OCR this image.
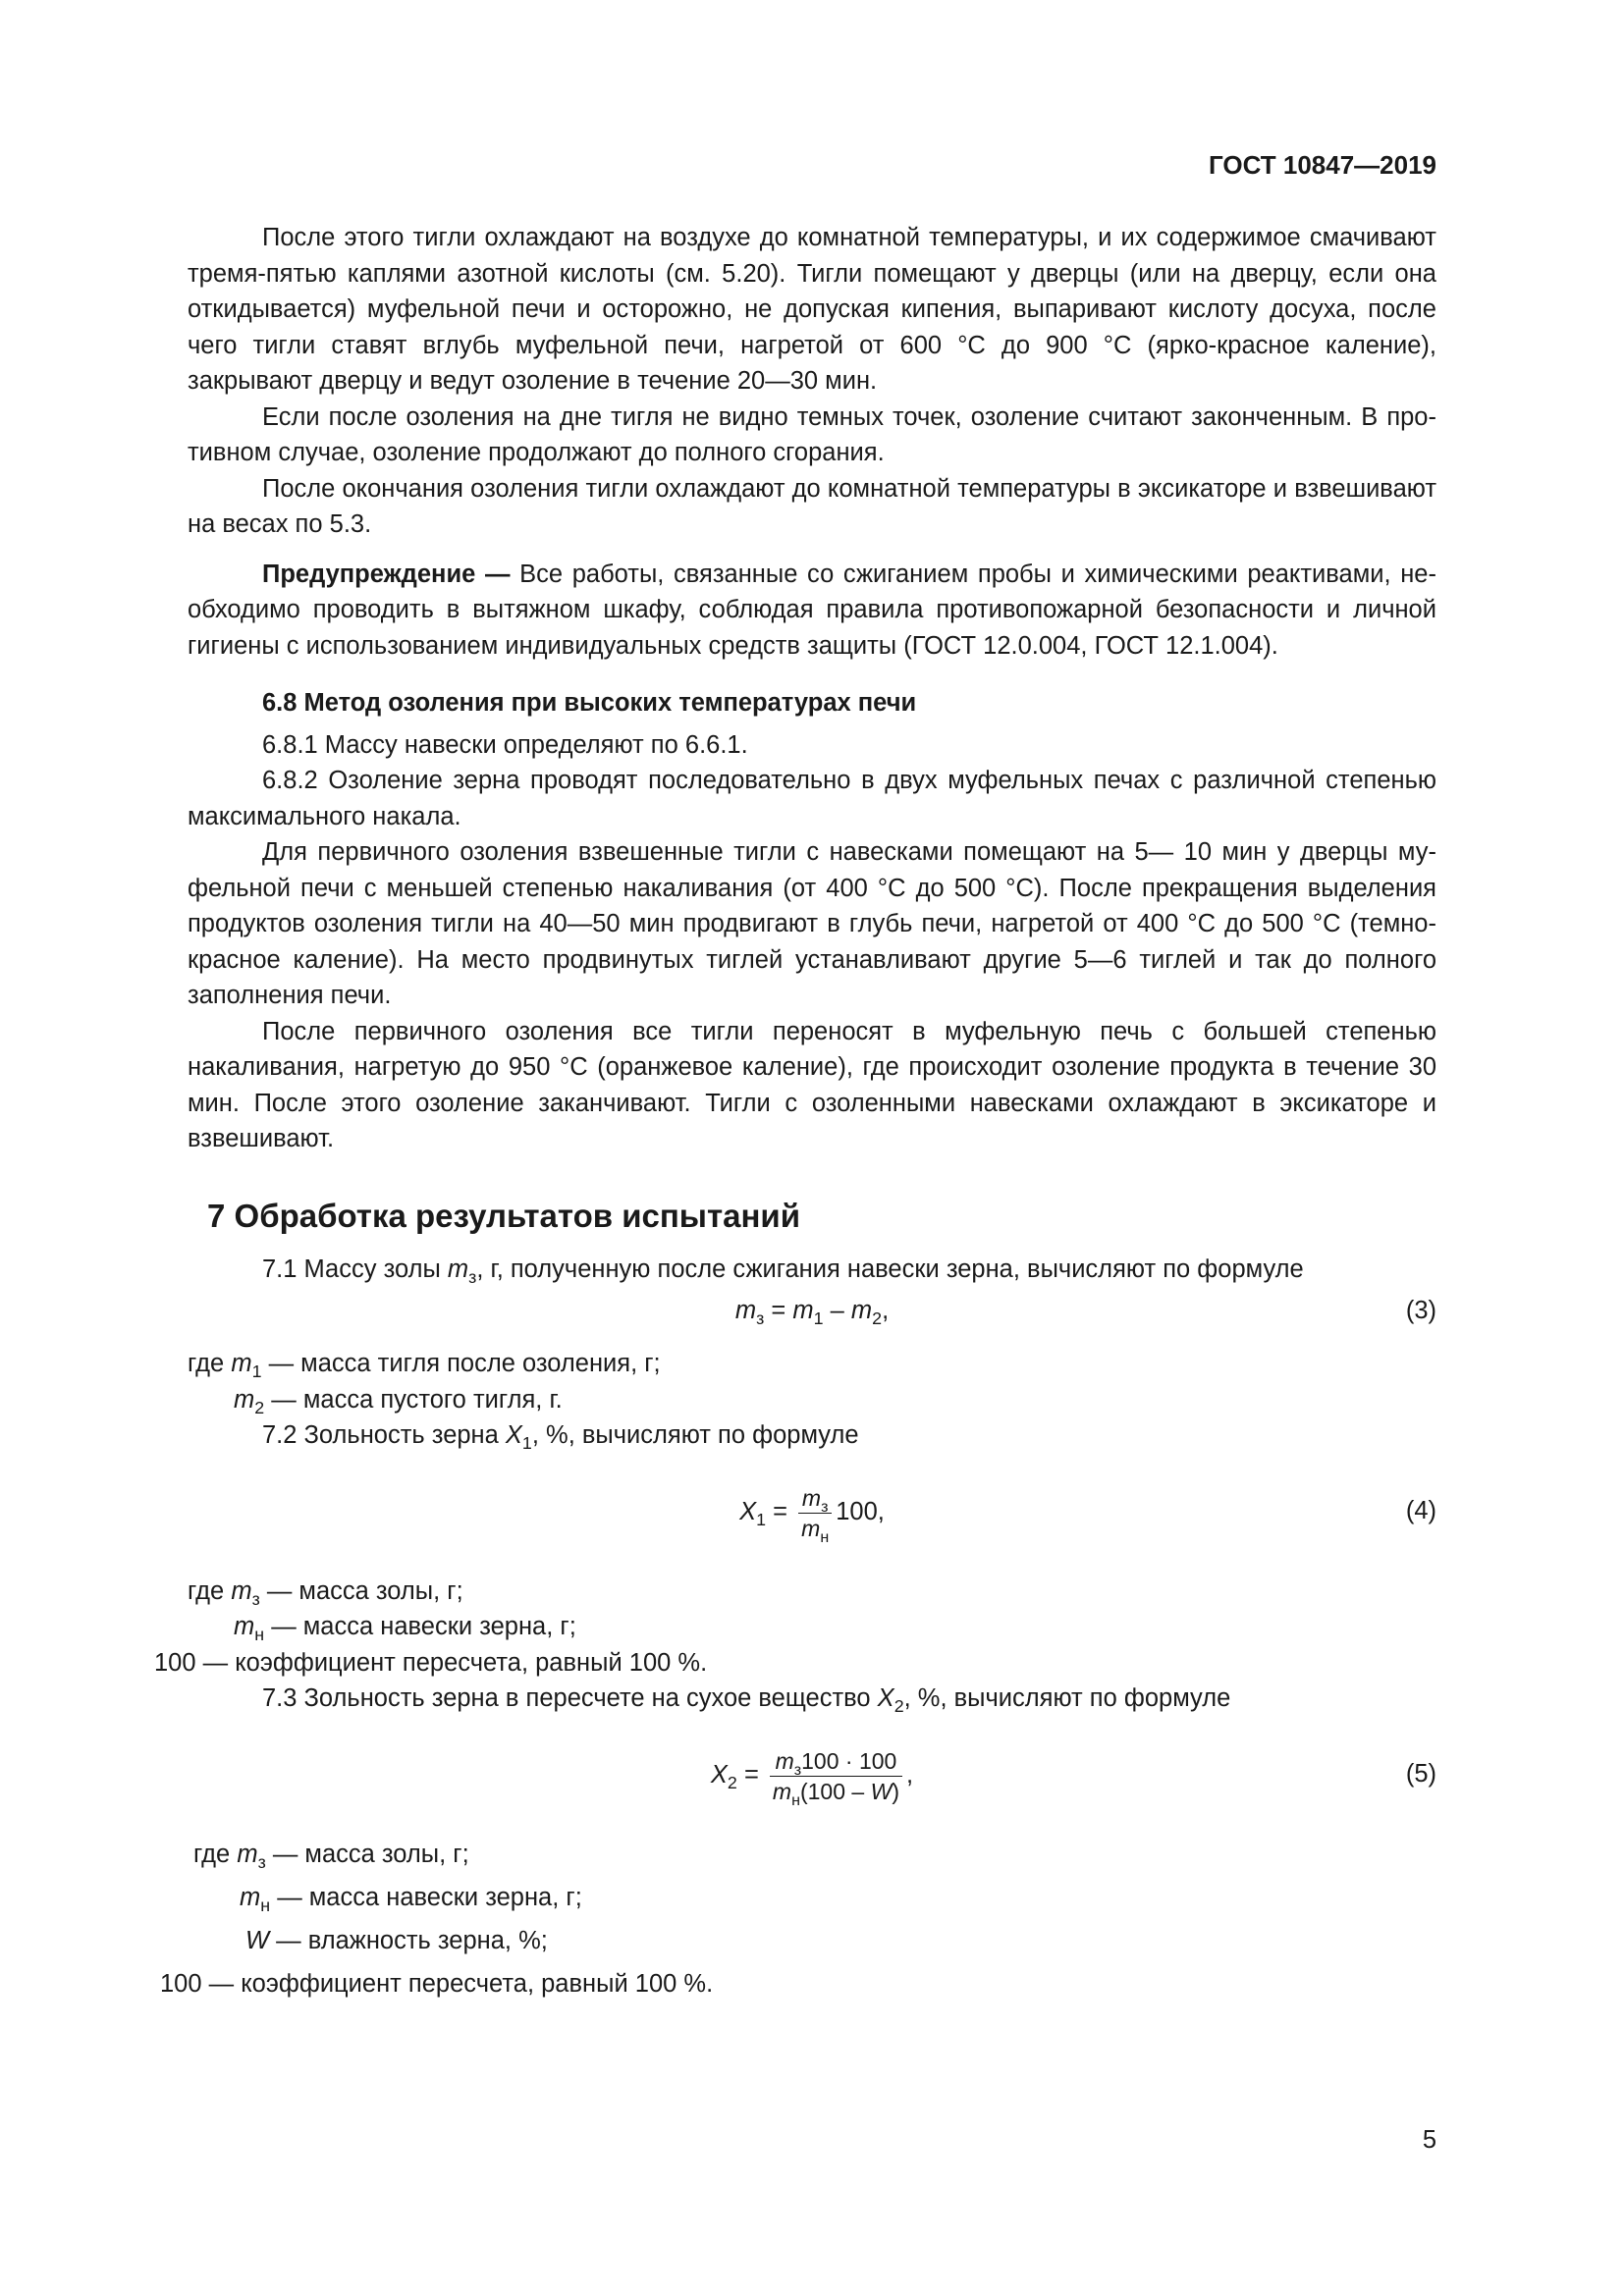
ГОСТ 10847—2019

После этого тигли охлаждают на воздухе до комнатной температуры, и их содержимое смачивают тремя-пятью каплями азотной кислоты (см. 5.20). Тигли помещают у дверцы (или на дверцу, если она откидывается) муфельной печи и осторожно, не допуская кипения, выпаривают кислоту досуха, после чего тигли ставят вглубь муфельной печи, нагретой от 600 °C до 900 °C (ярко-красное каление), закрывают дверцу и ведут озоление в течение 20—30 мин.

Если после озоления на дне тигля не видно темных точек, озоление считают законченным. В противном случае, озоление продолжают до полного сгорания.

После окончания озоления тигли охлаждают до комнатной температуры в эксикаторе и взвешивают на весах по 5.3.

Предупреждение — Все работы, связанные со сжиганием пробы и химическими реактивами, необходимо проводить в вытяжном шкафу, соблюдая правила противопожарной безопасности и личной гигиены с использованием индивидуальных средств защиты (ГОСТ 12.0.004, ГОСТ 12.1.004).

6.8 Метод озоления при высоких температурах печи

6.8.1 Массу навески определяют по 6.6.1.

6.8.2 Озоление зерна проводят последовательно в двух муфельных печах с различной степенью максимального накала.

Для первичного озоления взвешенные тигли с навесками помещают на 5— 10 мин у дверцы муфельной печи с меньшей степенью накаливания (от 400 °C до 500 °C). После прекращения выделения продуктов озоления тигли на 40—50 мин продвигают в глубь печи, нагретой от 400 °C до 500 °C (темнокрасное каление). На место продвинутых тиглей устанавливают другие 5—6 тиглей и так до полного заполнения печи.

После первичного озоления все тигли переносят в муфельную печь с большей степенью накаливания, нагретую до 950 °C (оранжевое каление), где происходит озоление продукта в течение 30 мин. После этого озоление заканчивают. Тигли с озоленными навесками охлаждают в эксикаторе и взвешивают.

7 Обработка результатов испытаний

7.1 Массу золы $m_з$, г, полученную после сжигания навески зерна, вычисляют по формуле

$m_з = m_1 - m_2$,	(3)

где $m_1$ — масса тигля после озоления, г;

$m_2$ — масса пустого тигля, г.

7.2 Зольность зерна $X_1$, %, вычисляют по формуле

$X_1 = \frac{m_з}{m_н} 100$,	(4)

где $m_з$ — масса золы, г;

$m_н$ — масса навески зерна, г;

100 — коэффициент пересчета, равный 100 %.

7.3 Зольность зерна в пересчете на сухое вещество $X_2$, %, вычисляют по формуле

$X_2 = \frac{m_з100 \cdot 100}{m_н(100 - W)}$ ,	(5)

где $m_з$ — масса золы, г;

$m_н$ — масса навески зерна, г;

W — влажность зерна, %;

100 — коэффициент пересчета, равный 100 %.

5
